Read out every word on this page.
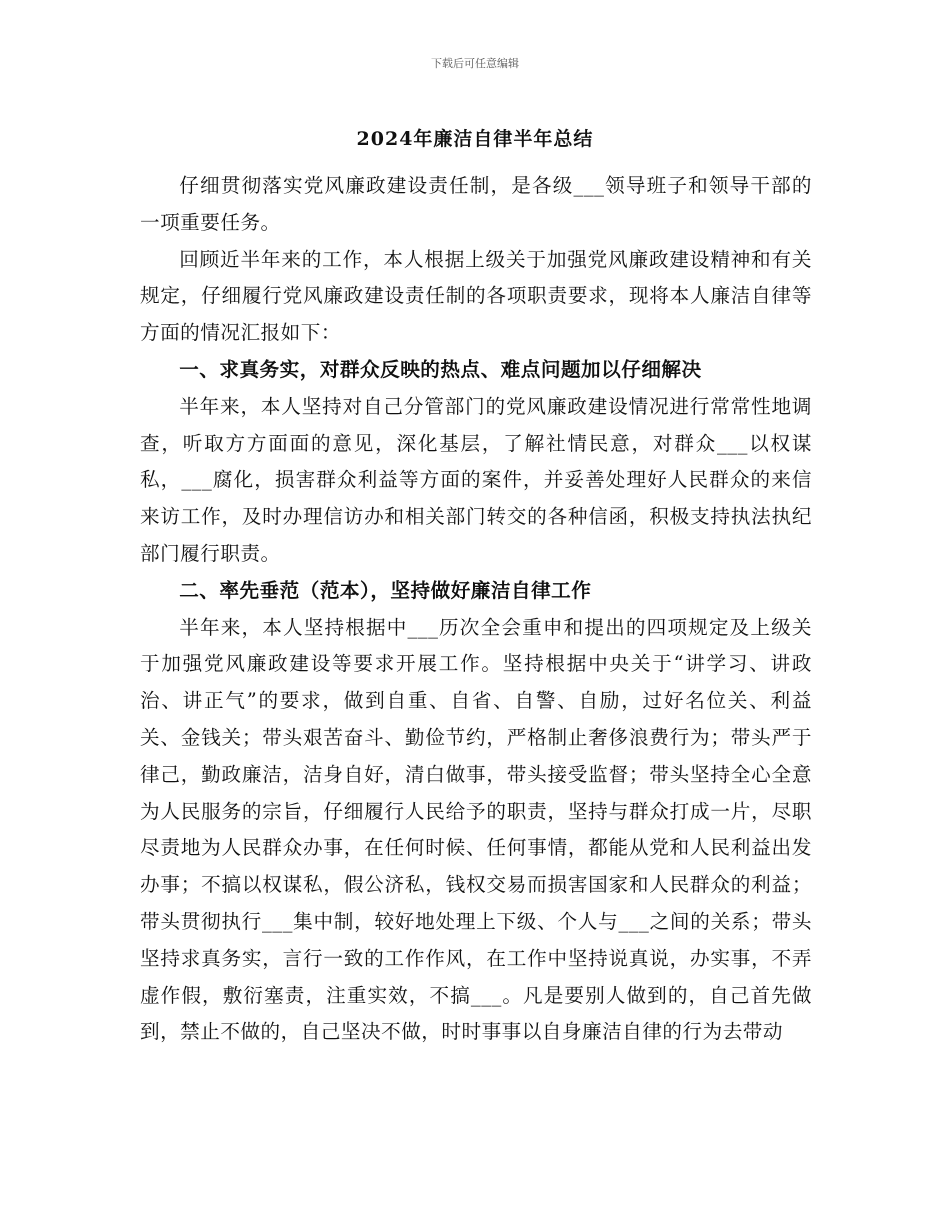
下载后可任意编辑
2024年廉洁自律半年总结

仔细贯彻落实党风廉政建设责任制，是各级___领导班子和领导干部的一项重要任务。

回顾近半年来的工作，本人根据上级关于加强党风廉政建设精神和有关规定，仔细履行党风廉政建设责任制的各项职责要求，现将本人廉洁自律等方面的情况汇报如下：

一、求真务实，对群众反映的热点、难点问题加以仔细解决

半年来，本人坚持对自己分管部门的党风廉政建设情况进行常常性地调查，听取方方面面的意见，深化基层，了解社情民意，对群众___以权谋私，___腐化，损害群众利益等方面的案件，并妥善处理好人民群众的来信来访工作，及时办理信访办和相关部门转交的各种信函，积极支持执法执纪部门履行职责。

二、率先垂范（范本），坚持做好廉洁自律工作

半年来，本人坚持根据中___历次全会重申和提出的四项规定及上级关于加强党风廉政建设等要求开展工作。坚持根据中央关于“讲学习、讲政治、讲正气”的要求，做到自重、自省、自警、自励，过好名位关、利益关、金钱关；带头艰苦奋斗、勤俭节约，严格制止奢侈浪费行为；带头严于律己，勤政廉洁，洁身自好，清白做事，带头接受监督；带头坚持全心全意为人民服务的宗旨，仔细履行人民给予的职责，坚持与群众打成一片，尽职尽责地为人民群众办事，在任何时候、任何事情，都能从党和人民利益出发办事；不搞以权谋私，假公济私，钱权交易而损害国家和人民群众的利益；带头贯彻执行___集中制，较好地处理上下级、个人与___之间的关系；带头坚持求真务实，言行一致的工作作风，在工作中坚持说真说，办实事，不弄虚作假，敷衍塞责，注重实效，不搞___。凡是要别人做到的，自己首先做到，禁止不做的，自己坚决不做，时时事事以自身廉洁自律的行为去带动
